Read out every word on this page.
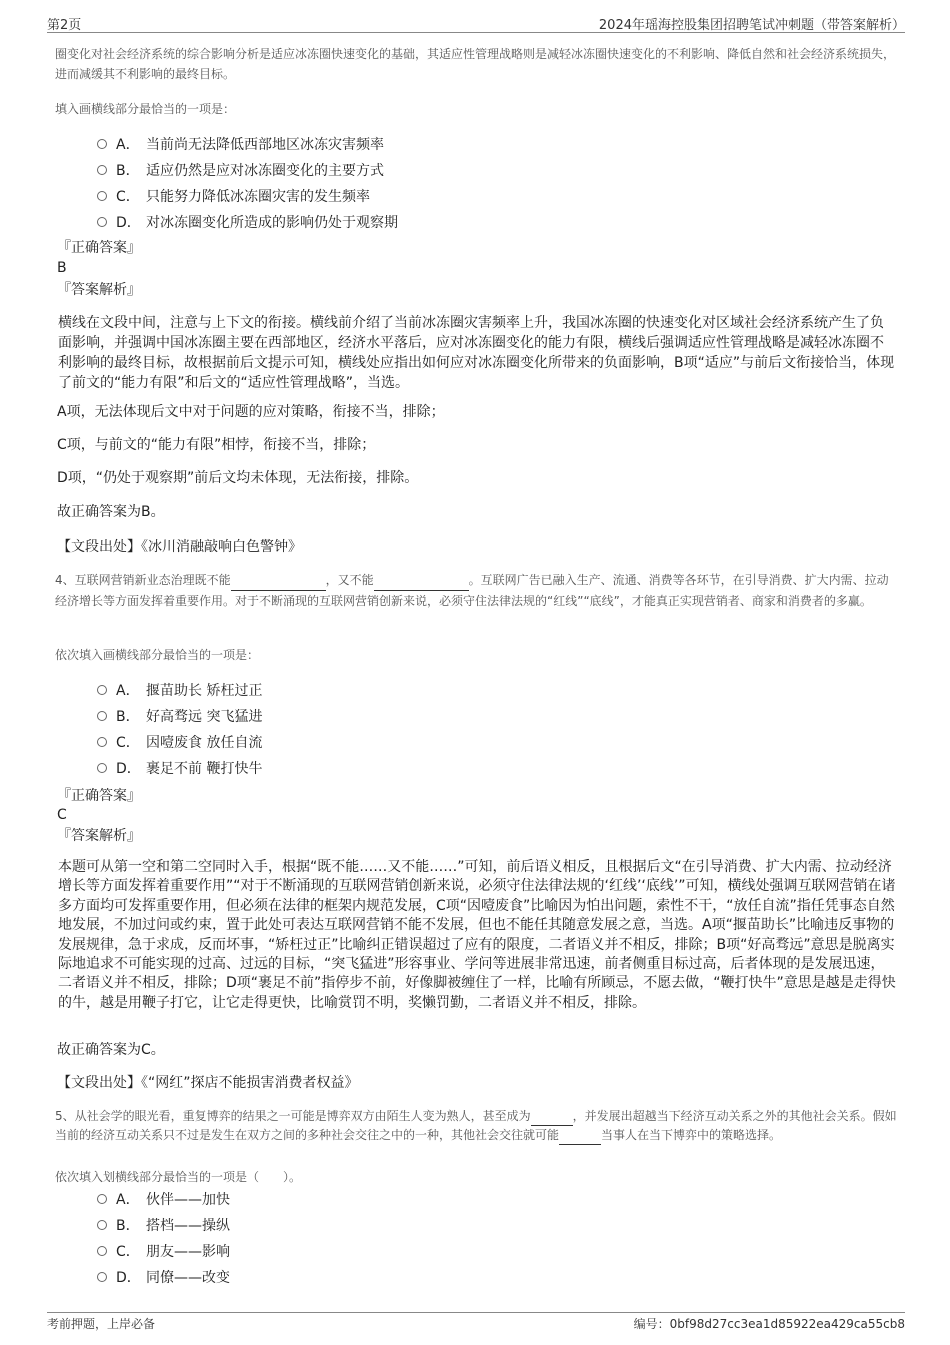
第2页	2024年瑶海控股集团招聘笔试冲刺题（带答案解析）
圈变化对社会经济系统的综合影响分析是适应冰冻圈快速变化的基础，其适应性管理战略则是减轻冰冻圈快速变化的不利影响、降低自然和社会经济系统损失，进而减缓其不利影响的最终目标。
填入画横线部分最恰当的一项是：
A． 当前尚无法降低西部地区冰冻灾害频率
B． 适应仍然是应对冰冻圈变化的主要方式
C． 只能努力降低冰冻圈灾害的发生频率
D． 对冰冻圈变化所造成的影响仍处于观察期
『正确答案』
B
『答案解析』
横线在文段中间，注意与上下文的衔接。横线前介绍了当前冰冻圈灾害频率上升，我国冰冻圈的快速变化对区域社会经济系统产生了负面影响，并强调中国冰冻圈主要在西部地区，经济水平落后，应对冰冻圈变化的能力有限，横线后强调适应性管理战略是减轻冰冻圈不利影响的最终目标，故根据前后文提示可知，横线处应指出如何应对冰冻圈变化所带来的负面影响，B项“适应”与前后文衔接恰当，体现了前文的“能力有限”和后文的“适应性管理战略”，当选。
A项，无法体现后文中对于问题的应对策略，衔接不当，排除；
C项，与前文的“能力有限”相悖，衔接不当，排除；
D项，“仍处于观察期”前后文均未体现，无法衔接，排除。
故正确答案为B。
【文段出处】《冰川消融敲响白色警钟》
4、互联网营销新业态治理既不能	，又不能	。互联网广告已融入生产、流通、消费等各环节，在引导消费、扩大内需、拉动经济增长等方面发挥着重要作用。对于不断涌现的互联网营销创新来说，必须守住法律法规的“红线”“底线”，才能真正实现营销者、商家和消费者的多赢。
依次填入画横线部分最恰当的一项是：
A． 揠苗助长 矫枉过正
B． 好高骛远 突飞猛进
C． 因噎废食 放任自流
D． 裹足不前 鞭打快牛
『正确答案』
C
『答案解析』
本题可从第一空和第二空同时入手，根据“既不能……又不能……”可知，前后语义相反，且根据后文“在引导消费、扩大内需、拉动经济增长等方面发挥着重要作用”“对于不断涌现的互联网营销创新来说，必须守住法律法规的‘红线’‘底线’”可知，横线处强调互联网营销在诸多方面均可发挥重要作用，但必须在法律的框架内规范发展，C项“因噎废食”比喻因为怕出问题，索性不干，“放任自流”指任凭事态自然地发展，不加过问或约束，置于此处可表达互联网营销不能不发展，但也不能任其随意发展之意，当选。A项“揠苗助长”比喻违反事物的发展规律，急于求成，反而坏事，“矫枉过正”比喻纠正错误超过了应有的限度，二者语义并不相反，排除；B项“好高骛远”意思是脱离实际地追求不可能实现的过高、过远的目标，“突飞猛进”形容事业、学问等进展非常迅速，前者侧重目标过高，后者体现的是发展迅速，二者语义并不相反，排除；D项“裹足不前”指停步不前，好像脚被缠住了一样，比喻有所顾忌，不愿去做，“鞭打快牛”意思是越是走得快的牛，越是用鞭子打它，让它走得更快，比喻赏罚不明，奖懒罚勤，二者语义并不相反，排除。
故正确答案为C。
【文段出处】《“网红”探店不能损害消费者权益》
5、从社会学的眼光看，重复博弈的结果之一可能是博弈双方由陌生人变为熟人，甚至成为	，并发展出超越当下经济互动关系之外的其他社会关系。假如当前的经济互动关系只不过是发生在双方之间的多种社会交往之中的一种，其他社会交往就可能	当事人在当下博弈中的策略选择。
依次填入划横线部分最恰当的一项是（　　）。
A． 伙伴——加快
B． 搭档——操纵
C． 朋友——影响
D． 同僚——改变
考前押题，上岸必备	编号：0bf98d27cc3ea1d85922ea429ca55cb8
